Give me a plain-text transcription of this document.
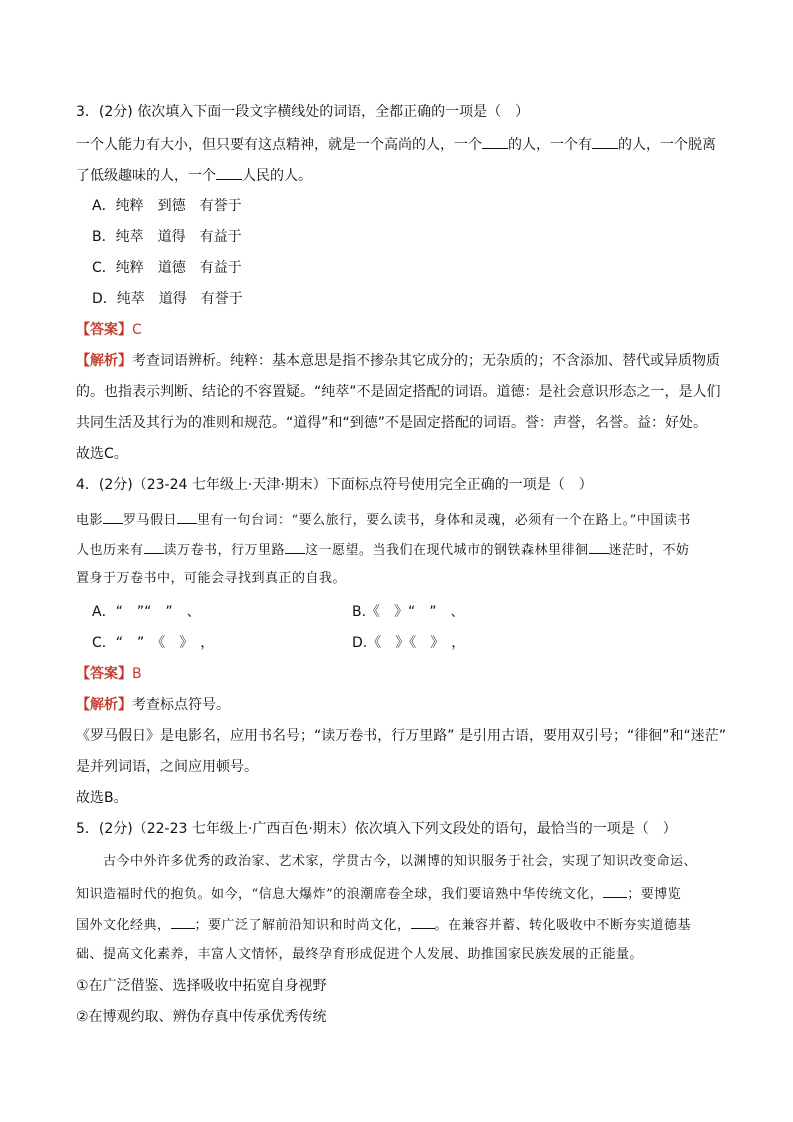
3．(2分) 依次填入下面一段文字横线处的词语，全都正确的一项是（　）
一个人能力有大小，但只要有这点精神，就是一个高尚的人，一个 的人，一个有 的人，一个脱离
了低级趣味的人，一个 人民的人。
A．纯粹　到德　有誉于
B．纯萃　道得　有益于
C．纯粹　道德　有益于
D．纯萃　道得　有誉于
【答案】C
【解析】考查词语辨析。纯粹：基本意思是指不掺杂其它成分的；无杂质的；不含添加、替代或异质物质
的。也指表示判断、结论的不容置疑。“纯萃”不是固定搭配的词语。道德：是社会意识形态之一，是人们
共同生活及其行为的准则和规范。“道得”和“到德”不是固定搭配的词语。誉：声誉，名誉。益：好处。
故选C。
4．(2分)（23-24 七年级上·天津·期末）下面标点符号使用完全正确的一项是（　）
电影 罗马假日 里有一句台词：“要么旅行，要么读书，身体和灵魂，必须有一个在路上。”中国读书
人也历来有 读万卷书，行万里路 这一愿望。当我们在现代城市的钢铁森林里徘徊 迷茫时，不妨
置身于万卷书中，可能会寻找到真正的自我。
A．“　”“　”　、	B.《　》“　”　、
C．“　”　《　》　，	D.《　》《　》　，
【答案】B
【解析】考查标点符号。
《罗马假日》是电影名，应用书名号；“读万卷书，行万里路” 是引用古语，要用双引号；“徘徊”和“迷茫”
是并列词语，之间应用顿号。
故选B。
5．(2分)（22-23 七年级上·广西百色·期末）依次填入下列文段处的语句，最恰当的一项是（　）
　　古今中外许多优秀的政治家、艺术家，学贯古今，以渊博的知识服务于社会，实现了知识改变命运、
知识造福时代的抱负。如今，“信息大爆炸”的浪潮席卷全球，我们要谙熟中华传统文化， ；要博览
国外文化经典， ；要广泛了解前沿知识和时尚文化， 。在兼容并蓄、转化吸收中不断夯实道德基
础、提高文化素养，丰富人文情怀，最终孕育形成促进个人发展、助推国家民族发展的正能量。
①在广泛借鉴、选择吸收中拓宽自身视野
②在博观约取、辨伪存真中传承优秀传统
